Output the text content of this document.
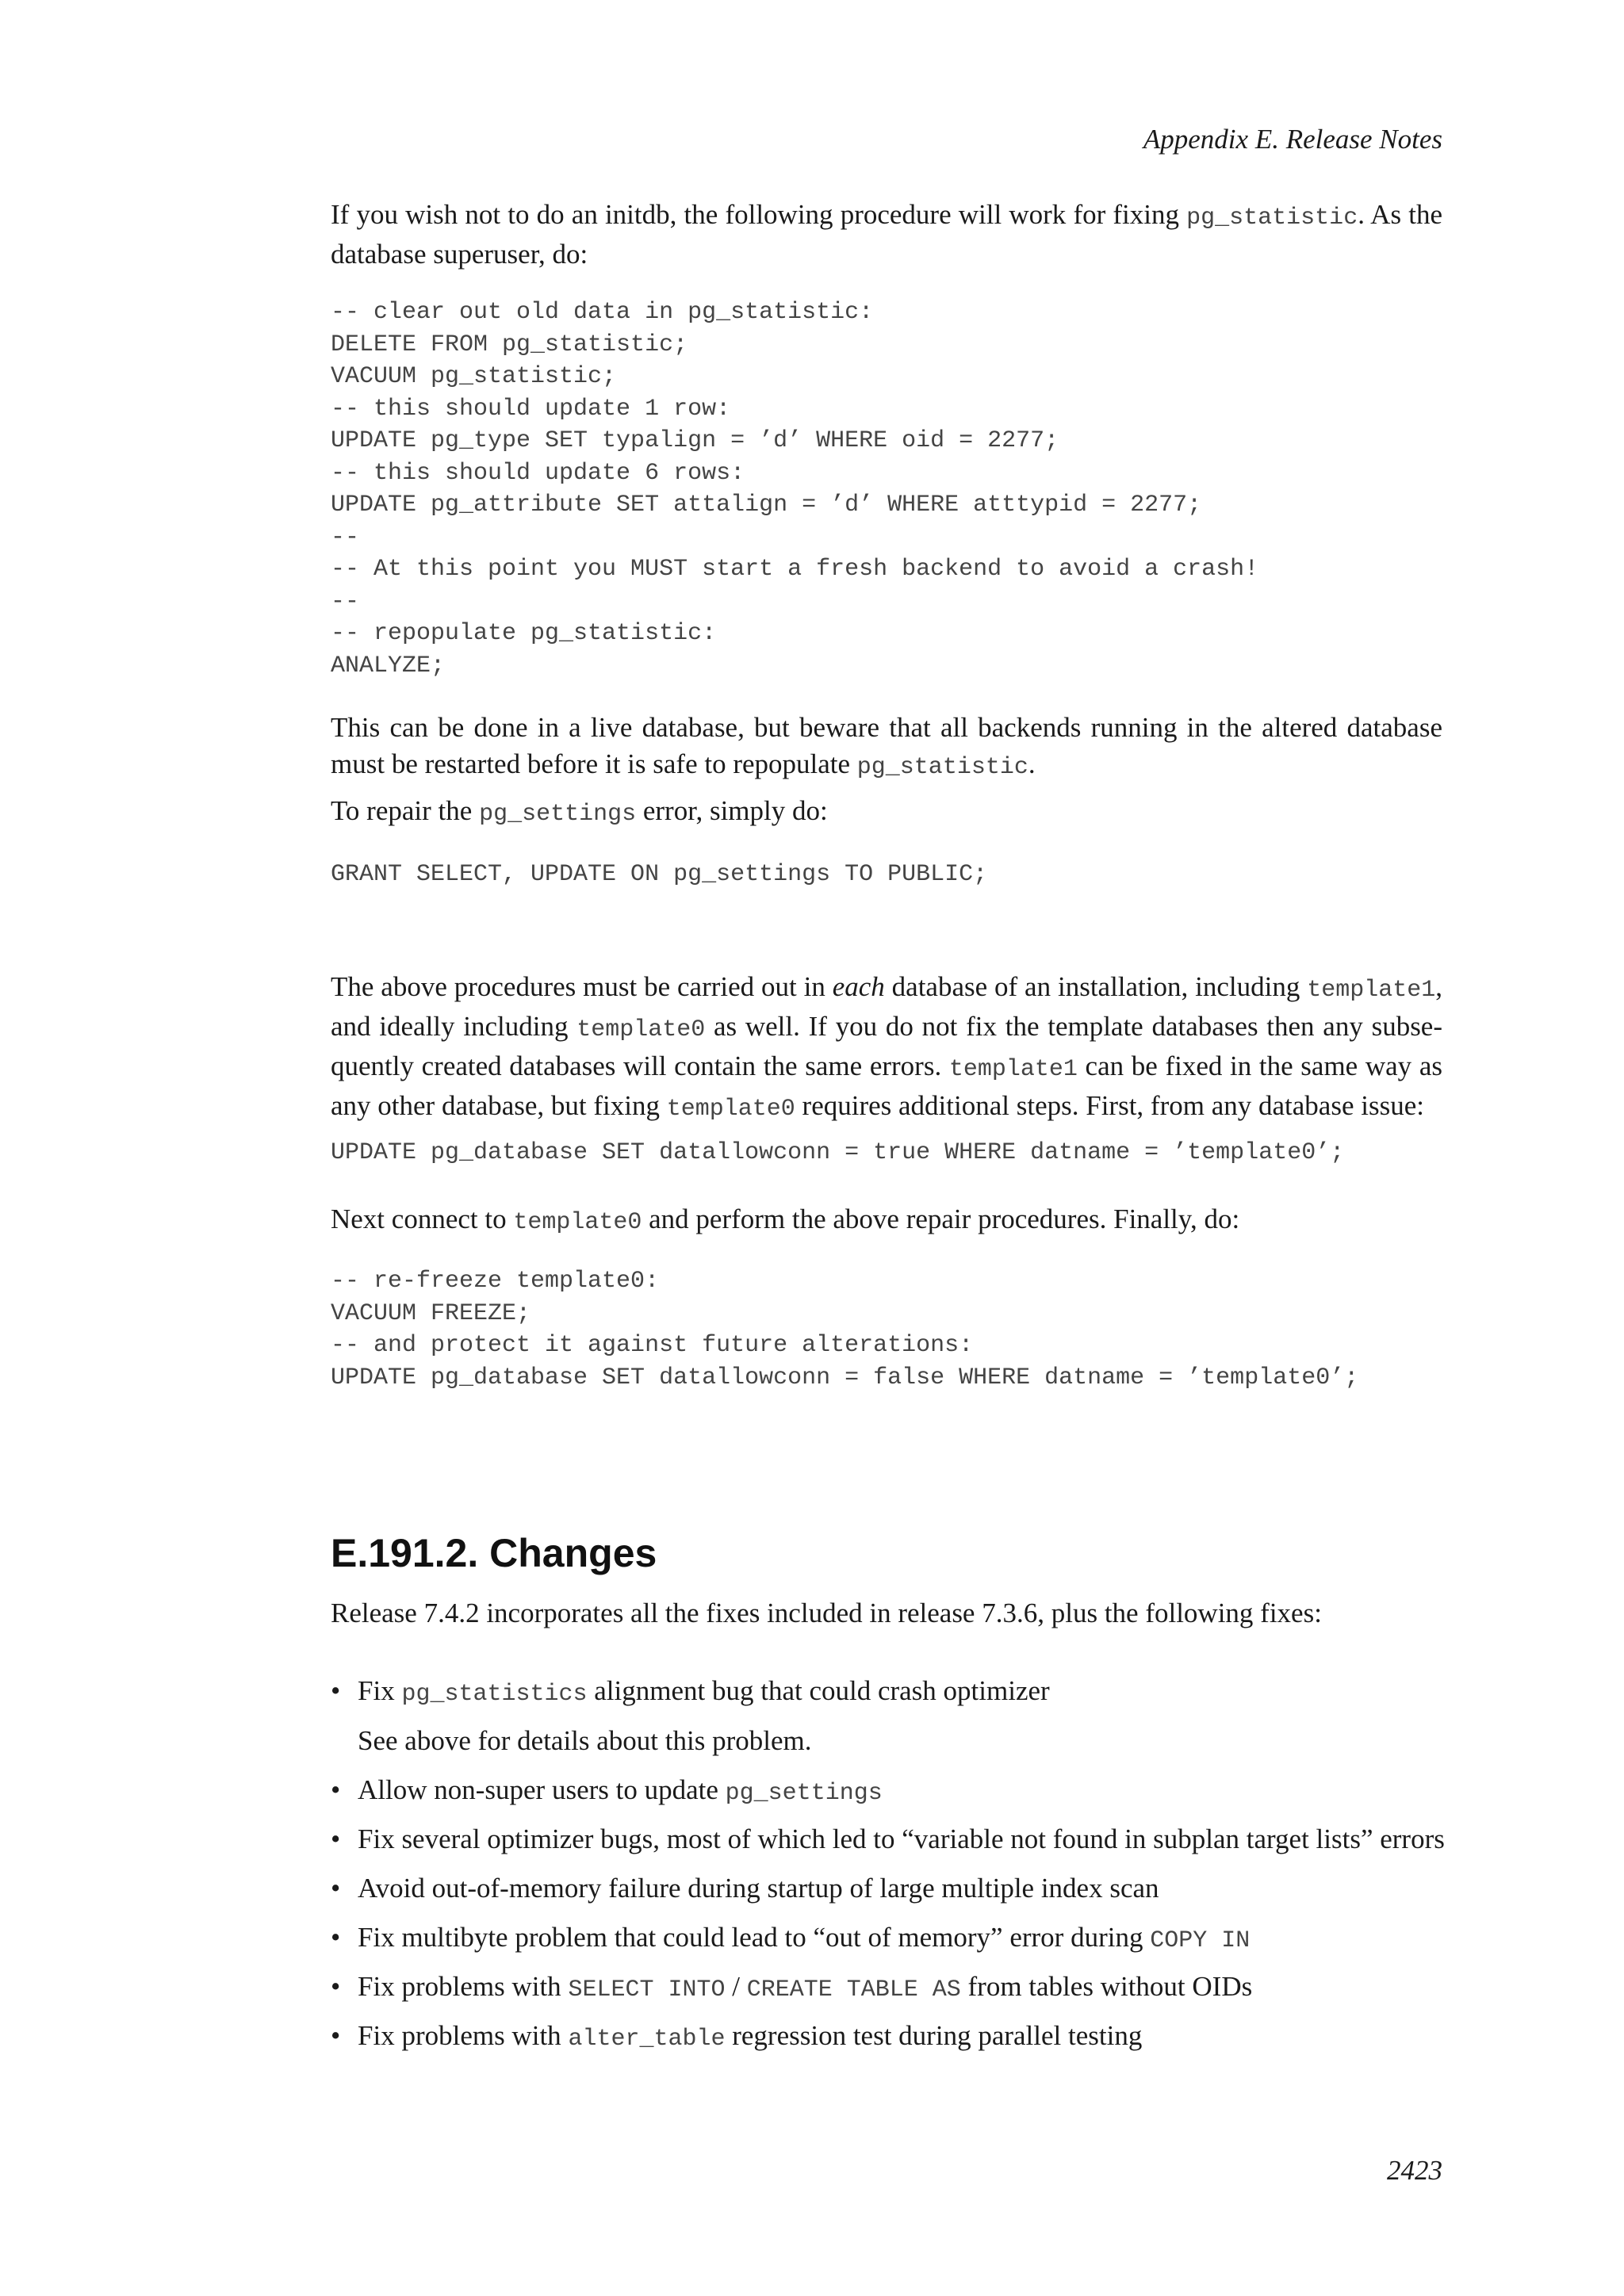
Appendix E. Release Notes

If you wish not to do an initdb, the following procedure will work for fixing pg_statistic. As the database superuser, do:

-- clear out old data in pg_statistic:
DELETE FROM pg_statistic;
VACUUM pg_statistic;
-- this should update 1 row:
UPDATE pg_type SET typalign = ’d’ WHERE oid = 2277;
-- this should update 6 rows:
UPDATE pg_attribute SET attalign = ’d’ WHERE atttypid = 2277;
--
-- At this point you MUST start a fresh backend to avoid a crash!
--
-- repopulate pg_statistic:
ANALYZE;

This can be done in a live database, but beware that all backends running in the altered database must be restarted before it is safe to repopulate pg_statistic.

To repair the pg_settings error, simply do:

GRANT SELECT, UPDATE ON pg_settings TO PUBLIC;

The above procedures must be carried out in each database of an installation, including template1, and ideally including template0 as well. If you do not fix the template databases then any subse-quently created databases will contain the same errors. template1 can be fixed in the same way as any other database, but fixing template0 requires additional steps. First, from any database issue:

UPDATE pg_database SET datallowconn = true WHERE datname = ’template0’;

Next connect to template0 and perform the above repair procedures. Finally, do:

-- re-freeze template0:
VACUUM FREEZE;
-- and protect it against future alterations:
UPDATE pg_database SET datallowconn = false WHERE datname = ’template0’;
E.191.2. Changes

Release 7.4.2 incorporates all the fixes included in release 7.3.6, plus the following fixes:

• Fix pg_statistics alignment bug that could crash optimizer
See above for details about this problem.
• Allow non-super users to update pg_settings
• Fix several optimizer bugs, most of which led to “variable not found in subplan target lists” errors
• Avoid out-of-memory failure during startup of large multiple index scan
• Fix multibyte problem that could lead to “out of memory” error during COPY IN
• Fix problems with SELECT INTO / CREATE TABLE AS from tables without OIDs
• Fix problems with alter_table regression test during parallel testing
2423
